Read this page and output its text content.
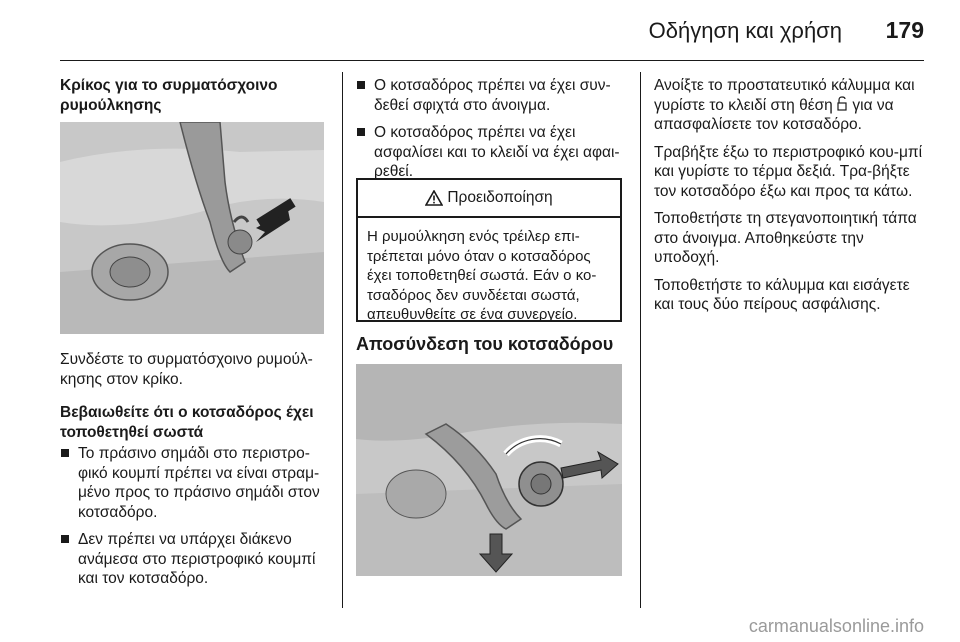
Οδήγηση και χρήση 179

Κρίκος για το συρματόσχοινο ρυμούλκησης

Συνδέστε το συρματόσχοινο ρυμούλ-κησης στον κρίκο.

Βεβαιωθείτε ότι ο κοτσαδόρος έχει τοποθετηθεί σωστά

Το πράσινο σημάδι στο περιστρο-φικό κουμπί πρέπει να είναι στραμ-μένο προς το πράσινο σημάδι στον κοτσαδόρο.
Δεν πρέπει να υπάρχει διάκενο ανάμεσα στο περιστροφικό κουμπί και τον κοτσαδόρο.
Ο κοτσαδόρος πρέπει να έχει συν-δεθεί σφιχτά στο άνοιγμα.
Ο κοτσαδόρος πρέπει να έχει ασφαλίσει και το κλειδί να έχει αφαι-ρεθεί.
Προειδοποίηση
Η ρυμούλκηση ενός τρέιλερ επι-τρέπεται μόνο όταν ο κοτσαδόρος έχει τοποθετηθεί σωστά. Εάν ο κο-τσαδόρος δεν συνδέεται σωστά, απευθυνθείτε σε ένα συνεργείο.
Αποσύνδεση του κοτσαδόρου

Ανοίξτε το προστατευτικό κάλυμμα και γυρίστε το κλειδί στη θέση για να απασφαλίσετε τον κοτσαδόρο.

Τραβήξτε έξω το περιστροφικό κου-μπί και γυρίστε το τέρμα δεξιά. Τρα-βήξτε τον κοτσαδόρο έξω και προς τα κάτω.

Τοποθετήστε τη στεγανοποιητική τάπα στο άνοιγμα. Αποθηκεύστε την υποδοχή.

Τοποθετήστε το κάλυμμα και εισάγετε και τους δύο πείρους ασφάλισης.

carmanualsonline.info
